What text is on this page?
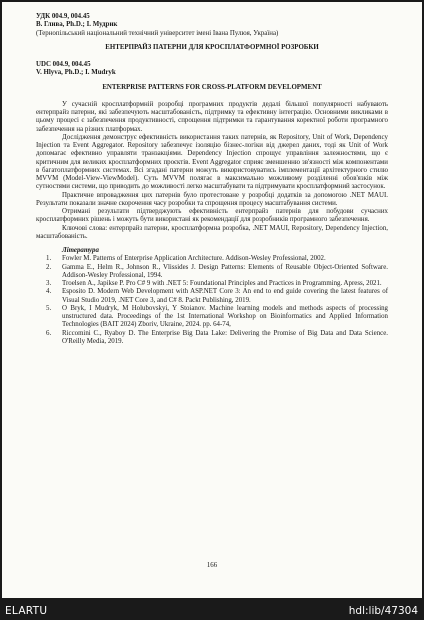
УДК 004.9, 004.45

В. Глива, Ph.D.; І. Мудрик

(Тернопільський національний технічний університет імені Івана Пулюя, Україна)

ЕНТЕРПРАЙЗ ПАТЕРНИ ДЛЯ КРОСПЛАТФОРМНОЇ РОЗРОБКИ

UDC 004.9, 004.45

V. Hlyva, Ph.D.; I. Mudryk

ENTERPRISE PATTERNS FOR CROSS-PLATFORM DEVELOPMENT

У сучасній кросплатформній розробці програмних продуктів дедалі більшої популярності набувають ентерпрайз патерни, які забезпечують масштабованість, підтримку та ефективну інтеграцію. Основними викликами в цьому процесі є забезпечення продуктивності, спрощення підтримки та гарантування коректної роботи програмного забезпечення на різних платформах.

Дослідження демонструє ефективність використання таких патернів, як Repository, Unit of Work, Dependency Injection та Event Aggregator. Repository забезпечує ізоляцію бізнес-логіки від джерел даних, тоді як Unit of Work допомагає ефективно управляти транзакціями. Dependency Injection спрощує управління залежностями, що є критичним для великих кросплатформних проєктів. Event Aggregator сприяє зменшенню зв'язності між компонентами в багатоплатформних системах. Всі згадані патерни можуть використовуватись імплементації архітектурного стилю MVVM (Model-View-ViewModel). Суть MVVM полягає в максимально можливому розділенні обов'язків між сутностями системи, що приводить до можливості легко масштабувати та підтримувати кросплатформний застосунок.

Практичне впровадження цих патернів було протестоване у розробці додатків за допомогою .NET MAUI. Результати показали значне скорочення часу розробки та спрощення процесу масштабування системи.

Отримані результати підтверджують ефективність ентерпрайз патернів для побудови сучасних кросплатформних рішень і можуть бути використані як рекомендації для розробників програмного забезпечення.

Ключові слова: ентерпрайз патерни, кросплатформна розробка, .NET MAUI, Repository, Dependency Injection, масштабованість.

Література

1. Fowler M. Patterns of Enterprise Application Architecture. Addison-Wesley Professional, 2002.
2. Gamma E., Helm R., Johnson R., Vlissides J. Design Patterns: Elements of Reusable Object-Oriented Software. Addison-Wesley Professional, 1994.
3. Troelsen A., Japikse P. Pro C# 9 with .NET 5: Foundational Principles and Practices in Programming. Apress, 2021.
4. Esposito D. Modern Web Development with ASP.NET Core 3: An end to end guide covering the latest features of Visual Studio 2019, .NET Core 3, and C# 8. Packt Publishing, 2019.
5. O Bryk, I Mudryk, M Holubovskyi, Y Stoianov. Machine learning models and methods aspects of processing unstructured data. Proceedings of the 1st International Workshop on Bioinformatics and Applied Information Technologies (BAIT 2024) Zboriv, Ukraine, 2024. pp. 64-74,
6. Riccomini C., Ryaboy D. The Enterprise Big Data Lake: Delivering the Promise of Big Data and Data Science. O'Reilly Media, 2019.
166
ELARTU	hdl:lib/47304
